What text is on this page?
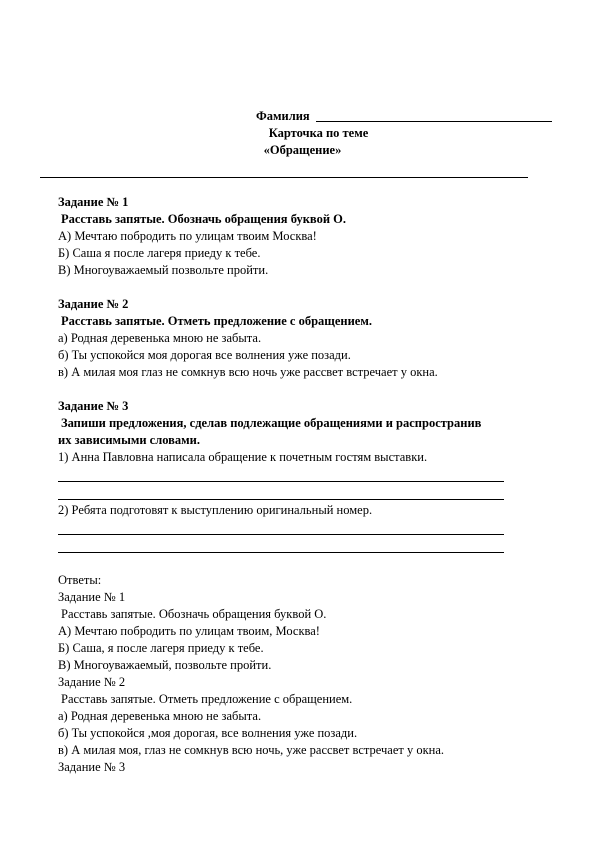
Фамилия
Карточка по теме
«Обращение»
Задание № 1
Расставь запятые. Обозначь обращения буквой О.
А) Мечтаю побродить по улицам твоим Москва!
Б) Саша я после лагеря приеду к тебе.
В) Многоуважаемый позвольте пройти.
Задание № 2
Расставь запятые. Отметь предложение с обращением.
а) Родная деревенька мною не забыта.
б) Ты успокойся моя дорогая все волнения уже позади.
в) А милая моя глаз не сомкнув всю ночь уже рассвет встречает у окна.
Задание № 3
Запиши предложения, сделав подлежащие обращениями и распространив
их зависимыми словами.
1) Анна Павловна написала обращение к почетным гостям выставки.
2) Ребята подготовят к выступлению оригинальный номер.
Ответы:
Задание № 1
Расставь запятые. Обозначь обращения буквой О.
А) Мечтаю побродить по улицам твоим, Москва!
Б) Саша, я после лагеря приеду к тебе.
В) Многоуважаемый, позвольте пройти.
Задание № 2
Расставь запятые. Отметь предложение с обращением.
а) Родная деревенька мною не забыта.
б) Ты успокойся ,моя дорогая, все волнения уже позади.
в) А милая моя, глаз не сомкнув всю ночь, уже рассвет встречает у окна.
Задание № 3
